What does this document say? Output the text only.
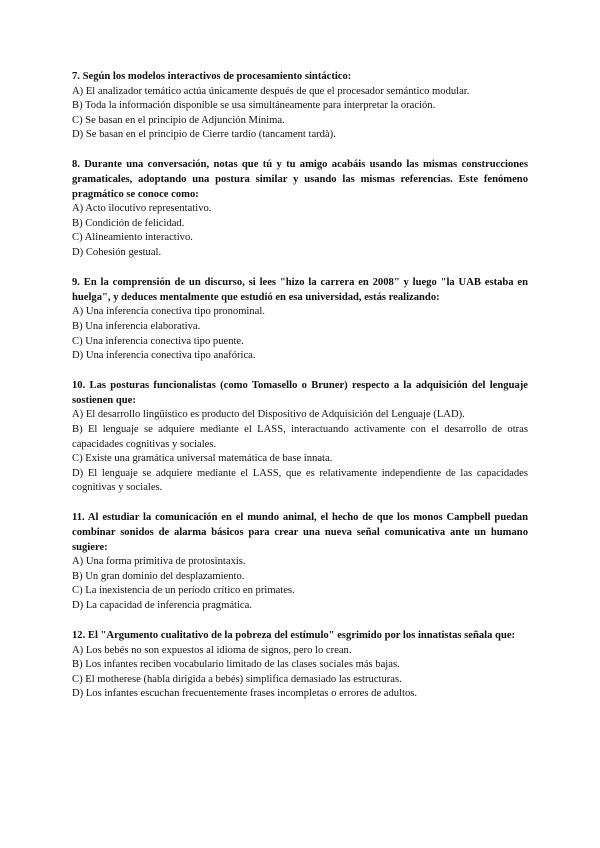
7. Según los modelos interactivos de procesamiento sintáctico:

A) El analizador temático actúa únicamente después de que el procesador semántico modular.

B) Toda la información disponible se usa simultáneamente para interpretar la oración.

C) Se basan en el principio de Adjunción Mínima.

D) Se basan en el principio de Cierre tardío (tancament tardà).

8. Durante una conversación, notas que tú y tu amigo acabáis usando las mismas construcciones gramaticales, adoptando una postura similar y usando las mismas referencias. Este fenómeno pragmático se conoce como:

A) Acto ilocutivo representativo.

B) Condición de felicidad.

C) Alineamiento interactivo.

D) Cohesión gestual.

9. En la comprensión de un discurso, si lees "hizo la carrera en 2008" y luego "la UAB estaba en huelga", y deduces mentalmente que estudió en esa universidad, estás realizando:

A) Una inferencia conectiva tipo pronominal.

B) Una inferencia elaborativa.

C) Una inferencia conectiva tipo puente.

D) Una inferencia conectiva tipo anafórica.

10. Las posturas funcionalistas (como Tomasello o Bruner) respecto a la adquisición del lenguaje sostienen que:

A) El desarrollo lingüístico es producto del Dispositivo de Adquisición del Lenguaje (LAD).

B) El lenguaje se adquiere mediante el LASS, interactuando activamente con el desarrollo de otras capacidades cognitivas y sociales.

C) Existe una gramática universal matemática de base innata.

D) El lenguaje se adquiere mediante el LASS, que es relativamente independiente de las capacidades cognitivas y sociales.

11. Al estudiar la comunicación en el mundo animal, el hecho de que los monos Campbell puedan combinar sonidos de alarma básicos para crear una nueva señal comunicativa ante un humano sugiere:

A) Una forma primitiva de protosintaxis.

B) Un gran dominio del desplazamiento.

C) La inexistencia de un período crítico en primates.

D) La capacidad de inferencia pragmática.

12. El "Argumento cualitativo de la pobreza del estímulo" esgrimido por los innatistas señala que:

A) Los bebés no son expuestos al idioma de signos, pero lo crean.

B) Los infantes reciben vocabulario limitado de las clases sociales más bajas.

C) El motherese (habla dirigida a bebés) simplifica demasiado las estructuras.

D) Los infantes escuchan frecuentemente frases incompletas o errores de adultos.
